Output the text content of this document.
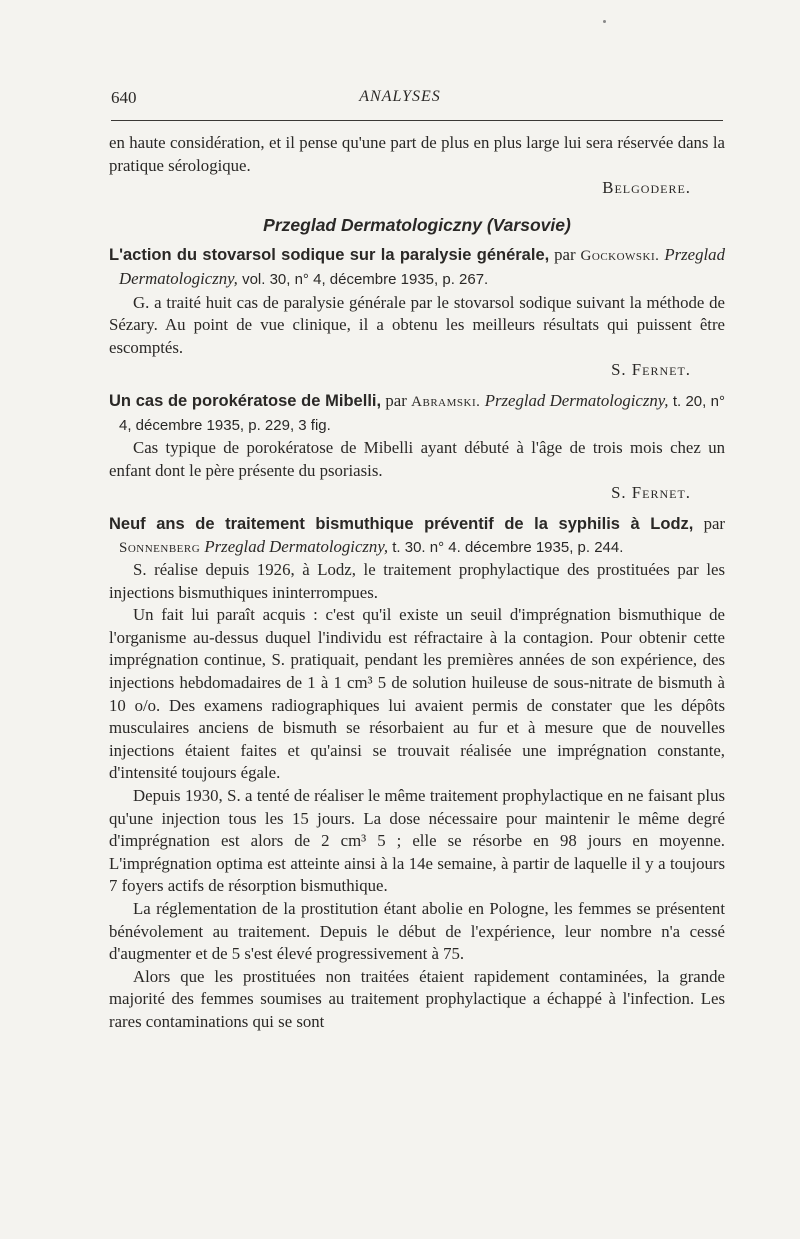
640	ANALYSES

en haute considération, et il pense qu'une part de plus en plus large lui sera réservée dans la pratique sérologique.

Belgodere.

Przeglad Dermatologiczny (Varsovie)

L'action du stovarsol sodique sur la paralysie générale, par Gockowski. Przeglad Dermatologiczny, vol. 30, n° 4, décembre 1935, p. 267.

G. a traité huit cas de paralysie générale par le stovarsol sodique suivant la méthode de Sézary. Au point de vue clinique, il a obtenu les meilleurs résultats qui puissent être escomptés.

S. Fernet.

Un cas de porokératose de Mibelli, par Abramski. Przeglad Dermatologiczny, t. 20, n° 4, décembre 1935, p. 229, 3 fig.

Cas typique de porokératose de Mibelli ayant débuté à l'âge de trois mois chez un enfant dont le père présente du psoriasis.

S. Fernet.

Neuf ans de traitement bismuthique préventif de la syphilis à Lodz, par Sonnenberg Przeglad Dermatologiczny, t. 30. n° 4. décembre 1935, p. 244.

S. réalise depuis 1926, à Lodz, le traitement prophylactique des prostituées par les injections bismuthiques ininterrompues.

Un fait lui paraît acquis : c'est qu'il existe un seuil d'imprégnation bismuthique de l'organisme au-dessus duquel l'individu est réfractaire à la contagion. Pour obtenir cette imprégnation continue, S. pratiquait, pendant les premières années de son expérience, des injections hebdomadaires de 1 à 1 cm³ 5 de solution huileuse de sous-nitrate de bismuth à 10 o/o. Des examens radiographiques lui avaient permis de constater que les dépôts musculaires anciens de bismuth se résorbaient au fur et à mesure que de nouvelles injections étaient faites et qu'ainsi se trouvait réalisée une imprégnation constante, d'intensité toujours égale.

Depuis 1930, S. a tenté de réaliser le même traitement prophylactique en ne faisant plus qu'une injection tous les 15 jours. La dose nécessaire pour maintenir le même degré d'imprégnation est alors de 2 cm³ 5 ; elle se résorbe en 98 jours en moyenne. L'imprégnation optima est atteinte ainsi à la 14e semaine, à partir de laquelle il y a toujours 7 foyers actifs de résorption bismuthique.

La réglementation de la prostitution étant abolie en Pologne, les femmes se présentent bénévolement au traitement. Depuis le début de l'expérience, leur nombre n'a cessé d'augmenter et de 5 s'est élevé progressivement à 75.

Alors que les prostituées non traitées étaient rapidement contaminées, la grande majorité des femmes soumises au traitement prophylactique a échappé à l'infection. Les rares contaminations qui se sont
